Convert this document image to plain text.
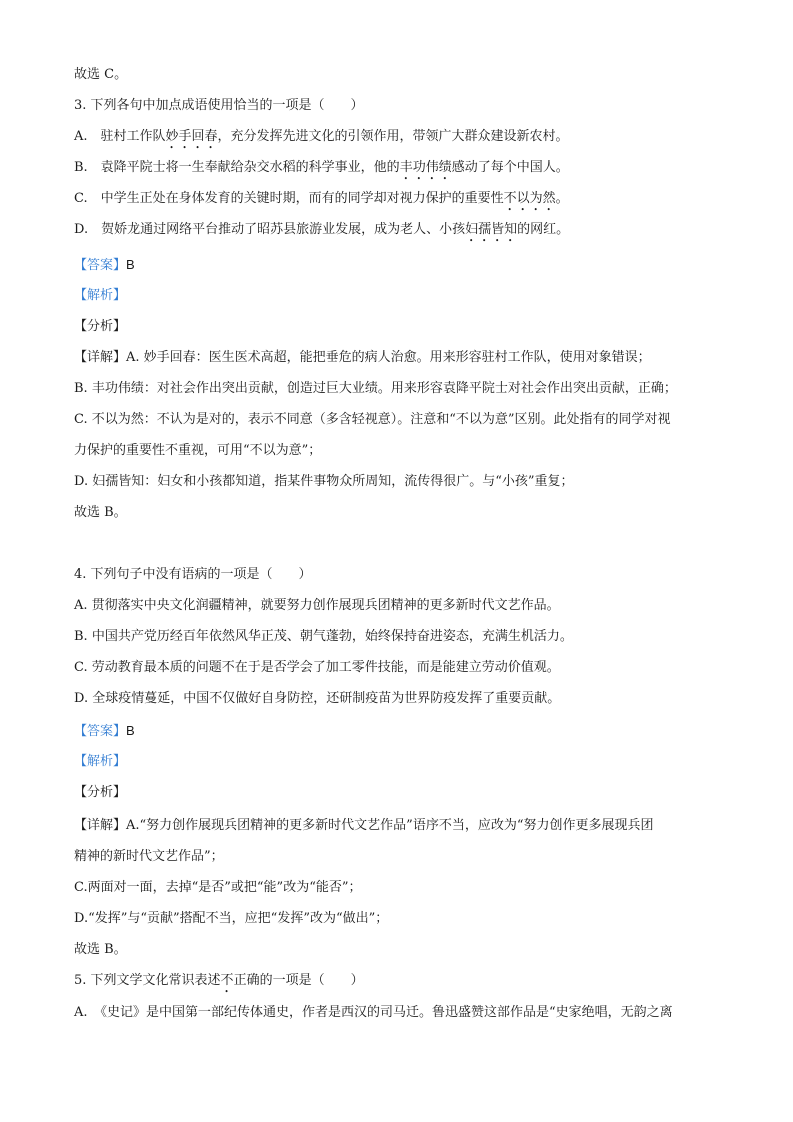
故选 C。
3. 下列各句中加点成语使用恰当的一项是（　　）
A.　驻村工作队妙手回春，充分发挥先进文化的引领作用，带领广大群众建设新农村。
B.　袁降平院士将一生奉献给杂交水稻的科学事业，他的丰功伟绩感动了每个中国人。
C.　中学生正处在身体发育的关键时期，而有的同学却对视力保护的重要性不以为然。
D.　贺娇龙通过网络平台推动了昭苏县旅游业发展，成为老人、小孩妇孺皆知的网红。
【答案】B
【解析】
【分析】
【详解】A. 妙手回春：医生医术高超，能把垂危的病人治愈。用来形容驻村工作队，使用对象错误；
B. 丰功伟绩：对社会作出突出贡献，创造过巨大业绩。用来形容袁降平院士对社会作出突出贡献，正确；
C. 不以为然：不认为是对的，表示不同意（多含轻视意）。注意和“不以为意”区别。此处指有的同学对视
力保护的重要性不重视，可用“不以为意”；
D. 妇孺皆知：妇女和小孩都知道，指某件事物众所周知，流传得很广。与“小孩”重复；
故选 B。
4. 下列句子中没有语病的一项是（　　）
A. 贯彻落实中央文化润疆精神，就要努力创作展现兵团精神的更多新时代文艺作品。
B. 中国共产党历经百年依然风华正茂、朝气蓬勃，始终保持奋进姿态，充满生机活力。
C. 劳动教育最本质的问题不在于是否学会了加工零件技能，而是能建立劳动价值观。
D. 全球疫情蔓延，中国不仅做好自身防控，还研制疫苗为世界防疫发挥了重要贡献。
【答案】B
【解析】
【分析】
【详解】A.“努力创作展现兵团精神的更多新时代文艺作品”语序不当，应改为“努力创作更多展现兵团
精神的新时代文艺作品”；
C.两面对一面，去掉“是否”或把“能”改为“能否”；
D.“发挥”与“贡献”搭配不当，应把“发挥”改为“做出”；
故选 B。
5. 下列文学文化常识表述不正确的一项是（　　）
A.　《史记》是中国第一部纪传体通史，作者是西汉的司马迁。鲁迅盛赞这部作品是“史家绝唱，无韵之离
